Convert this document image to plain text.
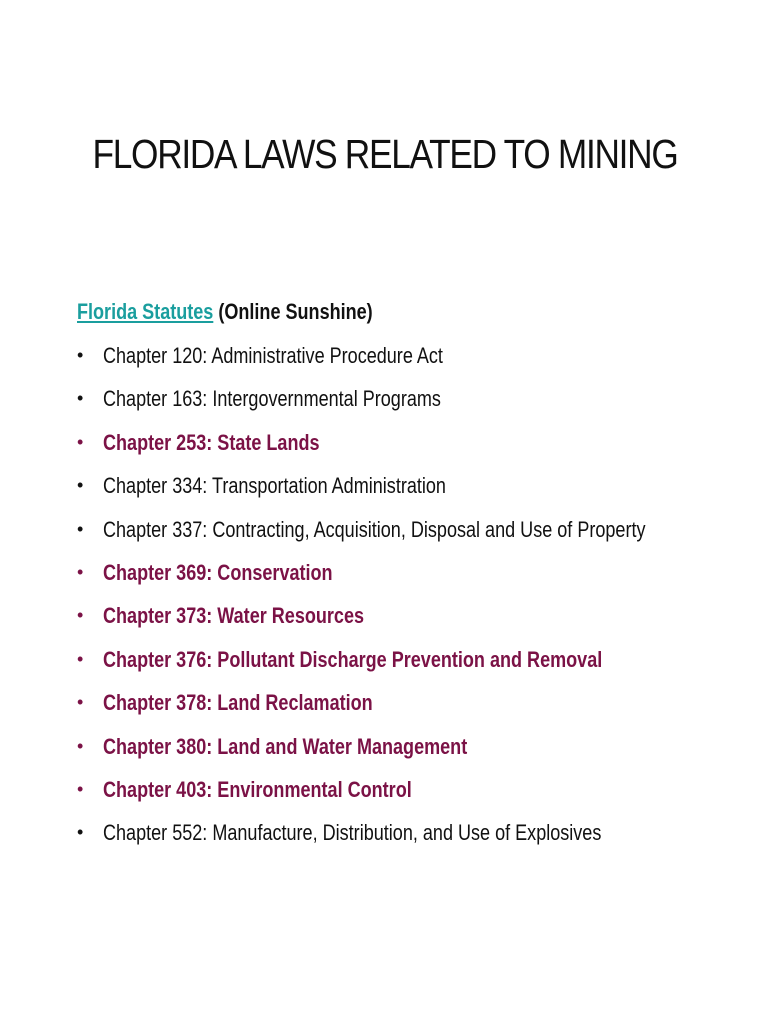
FLORIDA LAWS RELATED TO MINING
Florida Statutes (Online Sunshine)
• Chapter 120: Administrative Procedure Act
• Chapter 163: Intergovernmental Programs
• Chapter 253: State Lands
• Chapter 334: Transportation Administration
• Chapter 337: Contracting, Acquisition, Disposal and Use of Property
• Chapter 369: Conservation
• Chapter 373: Water Resources
• Chapter 376: Pollutant Discharge Prevention and Removal
• Chapter 378: Land Reclamation
• Chapter 380: Land and Water Management
• Chapter 403: Environmental Control
• Chapter 552: Manufacture, Distribution, and Use of Explosives
